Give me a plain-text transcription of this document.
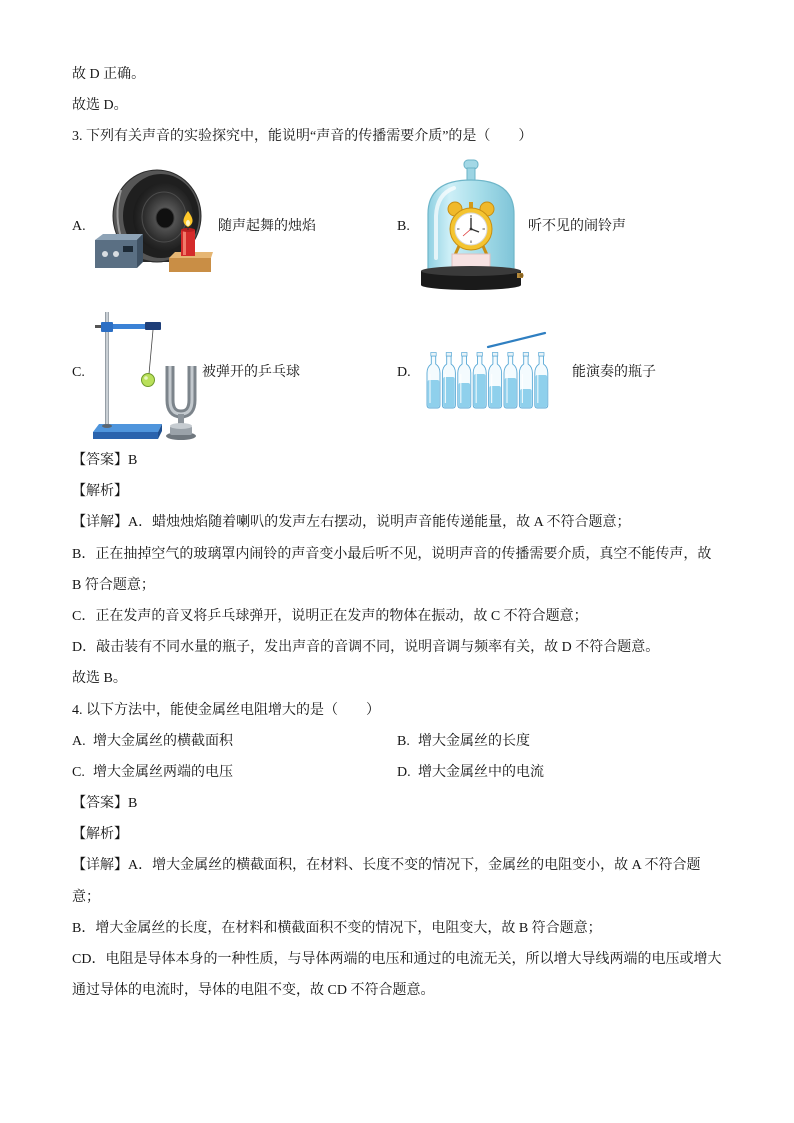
故 D 正确。
故选 D。
3. 下列有关声音的实验探究中，能说明“声音的传播需要介质”的是（　　）
A.	随声起舞的烛焰	B.	听不见的闹铃声
C.	被弹开的乒乓球	D.	能演奏的瓶子
【答案】B
【解析】
【详解】A．蜡烛烛焰随着喇叭的发声左右摆动，说明声音能传递能量，故 A 不符合题意；
B．正在抽掉空气的玻璃罩内闹铃的声音变小最后听不见，说明声音的传播需要介质，真空不能传声，故
B 符合题意；
C．正在发声的音叉将乒乓球弹开，说明正在发声的物体在振动，故 C 不符合题意；
D．敲击装有不同水量的瓶子，发出声音的音调不同，说明音调与频率有关，故 D 不符合题意。
故选 B。
4. 以下方法中，能使金属丝电阻增大的是（　　）
A. 增大金属丝的横截面积	B. 增大金属丝的长度
C. 增大金属丝两端的电压	D. 增大金属丝中的电流
【答案】B
【解析】
【详解】A．增大金属丝的横截面积，在材料、长度不变的情况下，金属丝的电阻变小，故 A 不符合题
意；
B．增大金属丝的长度，在材料和横截面积不变的情况下，电阻变大，故 B 符合题意；
CD．电阻是导体本身的一种性质，与导体两端的电压和通过的电流无关，所以增大导线两端的电压或增大
通过导体的电流时，导体的电阻不变，故 CD 不符合题意。
